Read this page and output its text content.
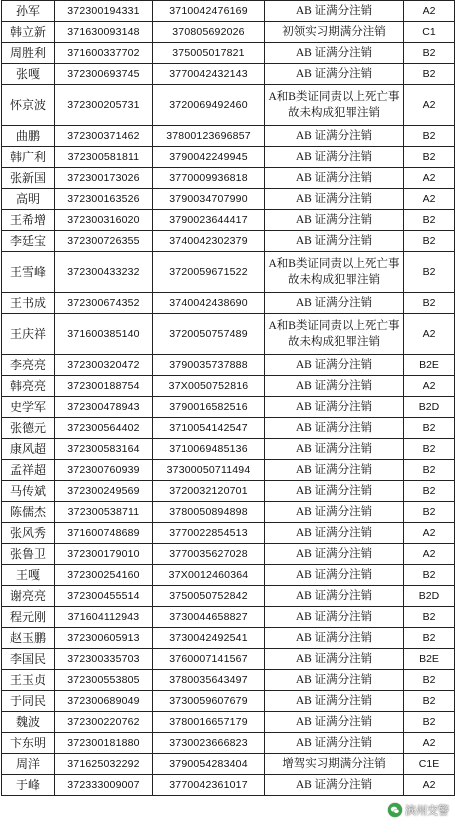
孙军	372300194331	3710042476169	AB 证满分注销	A2
韩立新	371630093148	370805692026	初领实习期满分注销	C1
周胜利	371600337702	375005017821	AB 证满分注销	B2
张嘎	372300693745	3770042432143	AB 证满分注销	B2
怀京波	372300205731	3720069492460	A和B类证同责以上死亡事故未构成犯罪注销	A2
曲鹏	372300371462	37800123696857	AB 证满分注销	B2
韩广利	372300581811	3790042249945	AB 证满分注销	B2
张新国	372300173026	3770009936818	AB 证满分注销	A2
高明	372300163526	3790034707990	AB 证满分注销	A2
王希增	372300316020	3790023644417	AB 证满分注销	B2
李廷宝	372300726355	3740042302379	AB 证满分注销	B2
王雪峰	372300433232	3720059671522	A和B类证同责以上死亡事故未构成犯罪注销	B2
王书成	372300674352	3740042438690	AB 证满分注销	B2
王庆祥	371600385140	3720050757489	A和B类证同责以上死亡事故未构成犯罪注销	A2
李亮亮	372300320472	3790035737888	AB 证满分注销	B2E
韩亮亮	372300188754	37X0050752816	AB 证满分注销	A2
史学军	372300478943	3790016582516	AB 证满分注销	B2D
张德元	372300564402	3710054142547	AB 证满分注销	B2
康风超	372300583164	3710069485136	AB 证满分注销	B2
孟祥超	372300760939	37300050711494	AB 证满分注销	B2
马传斌	372300249569	3720032120701	AB 证满分注销	B2
陈儒杰	372300538711	3780050894898	AB 证满分注销	B2
张风秀	371600748689	3770022854513	AB 证满分注销	A2
张鲁卫	372300179010	3770035627028	AB 证满分注销	A2
王嘎	372300254160	37X0012460364	AB 证满分注销	B2
谢亮亮	372300455514	3750050752842	AB 证满分注销	B2D
程元刚	371604112943	3730044658827	AB 证满分注销	B2
赵玉鹏	372300605913	3730042492541	AB 证满分注销	B2
李国民	372300335703	3760007141567	AB 证满分注销	B2E
王玉贞	372300553805	3780035643497	AB 证满分注销	B2
于同民	372300689049	3730059607679	AB 证满分注销	B2
魏波	372300220762	3780016657179	AB 证满分注销	B2
卞东明	372300181880	3730023666823	AB 证满分注销	A2
周洋	371625032292	3790054283404	增驾实习期满分注销	C1E
于峰	372333009007	3770042361017	AB 证满分注销	A2
滨州交警
